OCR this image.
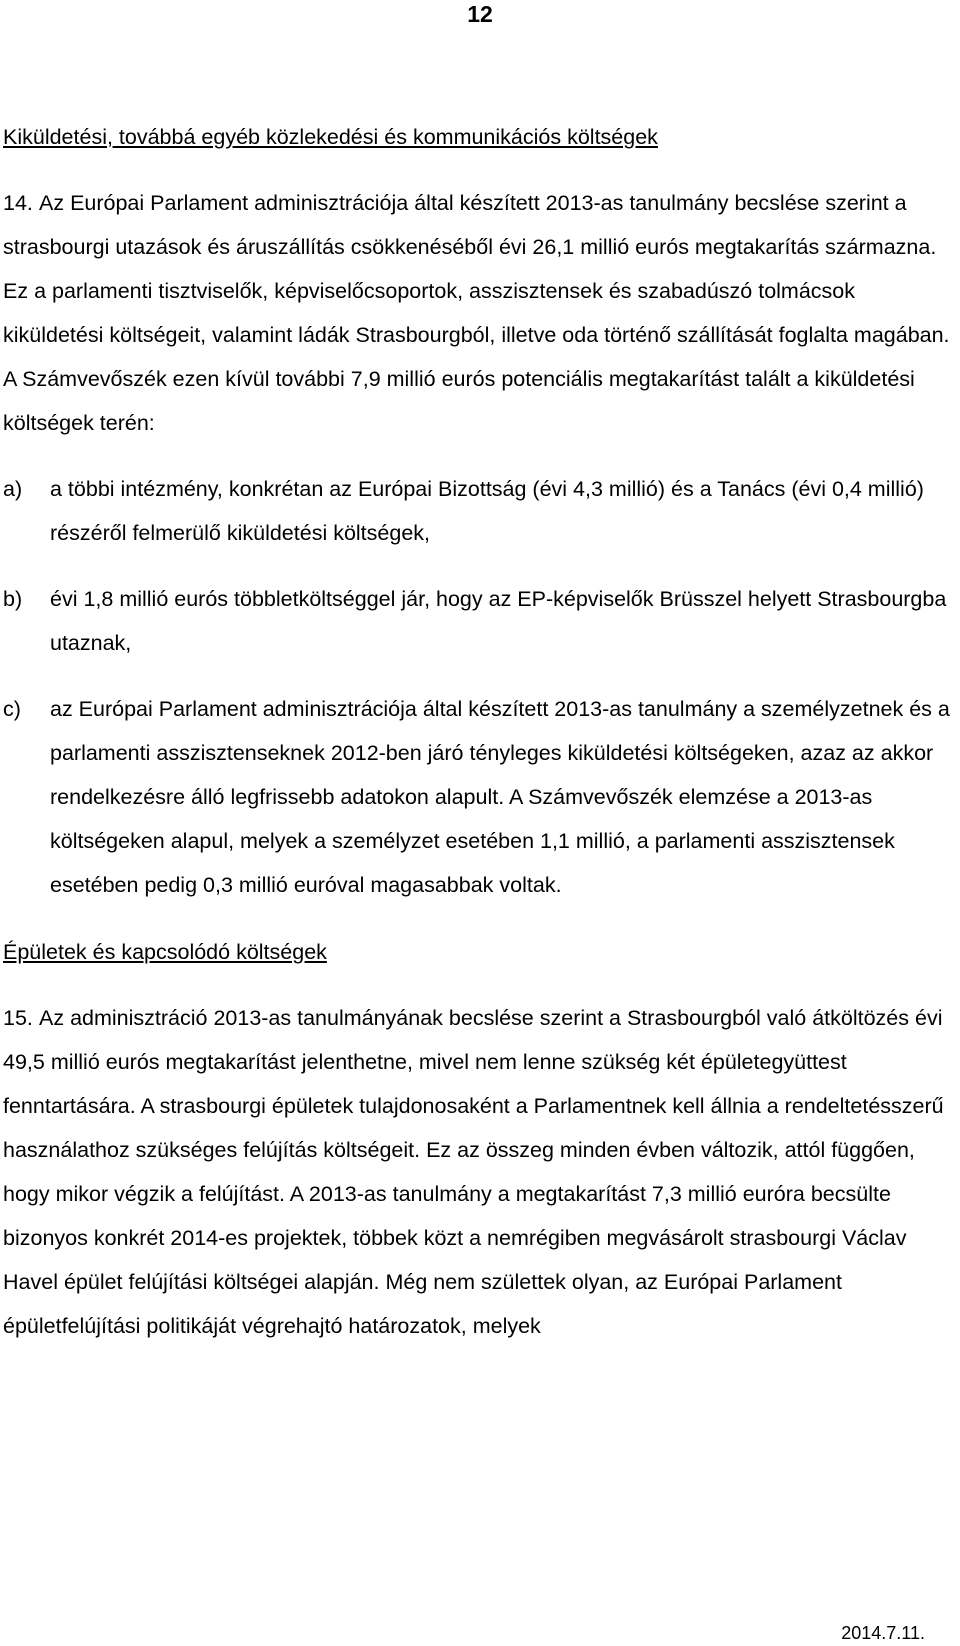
12

Kiküldetési, továbbá egyéb közlekedési és kommunikációs költségek

14. Az Európai Parlament adminisztrációja által készített 2013-as tanulmány becslése szerint a strasbourgi utazások és áruszállítás csökkenéséből évi 26,1 millió eurós megtakarítás származna. Ez a parlamenti tisztviselők, képviselőcsoportok, asszisztensek és szabadúszó tolmácsok kiküldetési költségeit, valamint ládák Strasbourgból, illetve oda történő szállítását foglalta magában. A Számvevőszék ezen kívül további 7,9 millió eurós potenciális megtakarítást talált a kiküldetési költségek terén:

a) a többi intézmény, konkrétan az Európai Bizottság (évi 4,3 millió) és a Tanács (évi 0,4 millió) részéről felmerülő kiküldetési költségek,
b) évi 1,8 millió eurós többletköltséggel jár, hogy az EP-képviselők Brüsszel helyett Strasbourgba utaznak,
c) az Európai Parlament adminisztrációja által készített 2013-as tanulmány a személyzetnek és a parlamenti asszisztenseknek 2012-ben járó tényleges kiküldetési költségeken, azaz az akkor rendelkezésre álló legfrissebb adatokon alapult. A Számvevőszék elemzése a 2013-as költségeken alapul, melyek a személyzet esetében 1,1 millió, a parlamenti asszisztensek esetében pedig 0,3 millió euróval magasabbak voltak.

Épületek és kapcsolódó költségek

15. Az adminisztráció 2013-as tanulmányának becslése szerint a Strasbourgból való átköltözés évi 49,5 millió eurós megtakarítást jelenthetne, mivel nem lenne szükség két épületegyüttest fenntartására. A strasbourgi épületek tulajdonosaként a Parlamentnek kell állnia a rendeltetésszerű használathoz szükséges felújítás költségeit. Ez az összeg minden évben változik, attól függően, hogy mikor végzik a felújítást. A 2013-as tanulmány a megtakarítást 7,3 millió euróra becsülte bizonyos konkrét 2014-es projektek, többek közt a nemrégiben megvásárolt strasbourgi Václav Havel épület felújítási költségei alapján. Még nem születtek olyan, az Európai Parlament épületfelújítási politikáját végrehajtó határozatok, melyek

2014.7.11.
